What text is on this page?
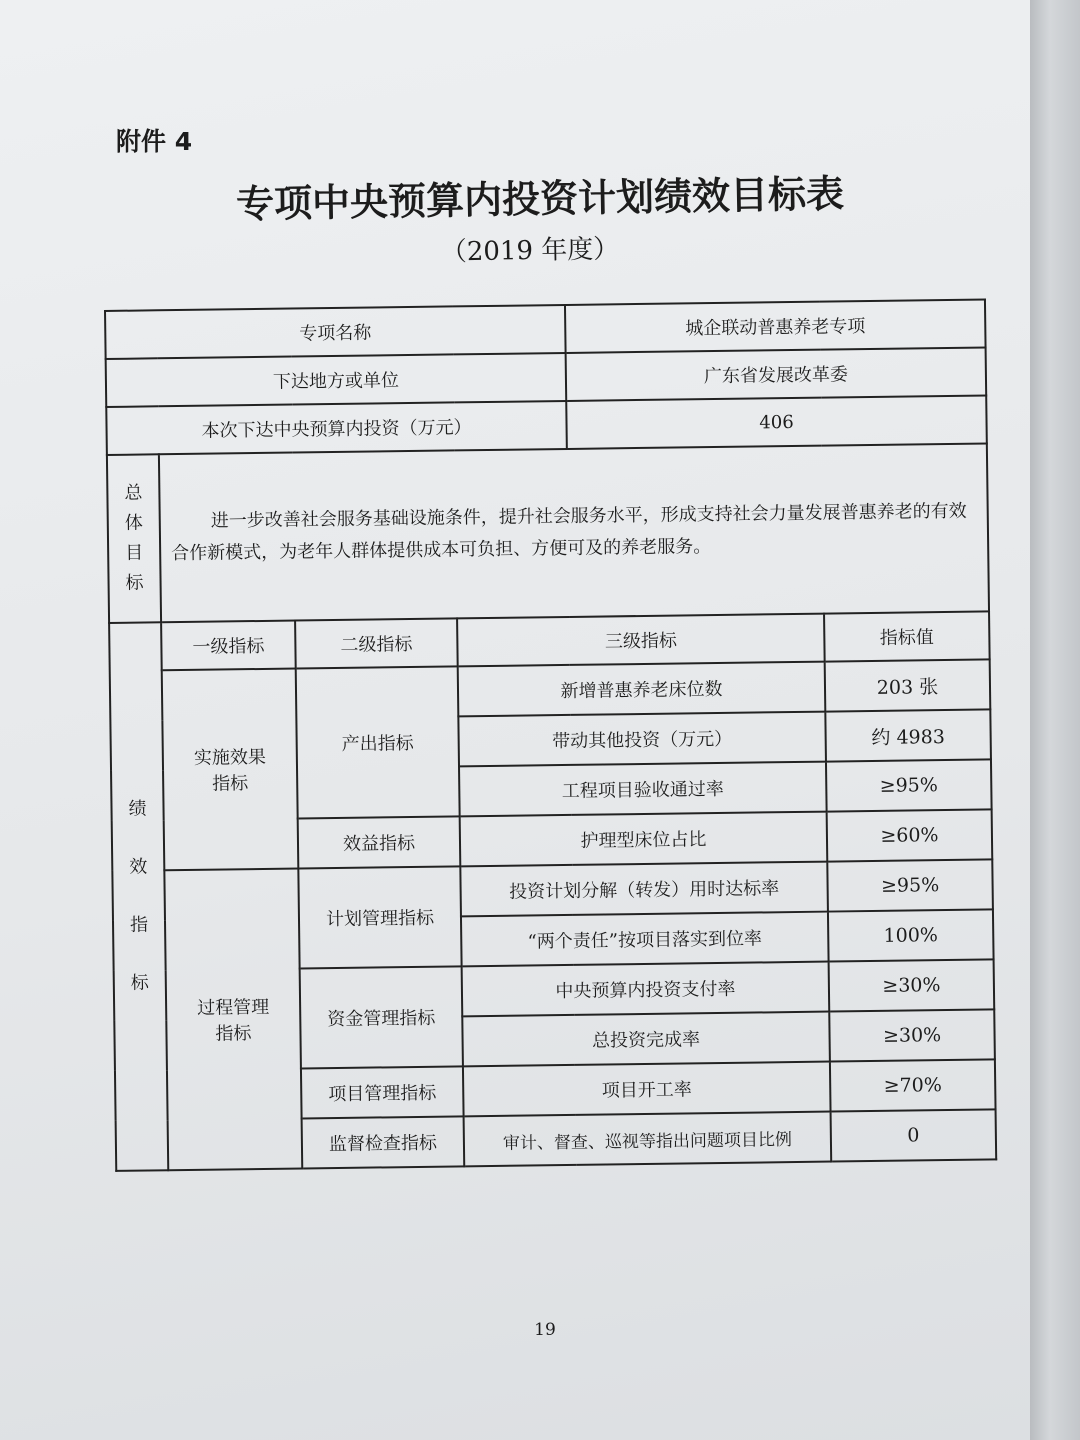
附件 4
专项中央预算内投资计划绩效目标表
（2019 年度）
专项名称				城企联动普惠养老专项	
下达地方或单位				广东省发展改革委	
本次下达中央预算内投资（万元）				406	

总
体
目
标	进一步改善社会服务基础设施条件，提升社会服务水平，形成支持社会力量发展普惠养老的有效合作新模式，为老年人群体提供成本可负担、方便可及的养老服务。				

绩
效
指
标	一级指标	二级指标	三级指标		指标值
	实施效果指标	产出指标	新增普惠养老床位数		203 张
			带动其他投资（万元）		约 4983
			工程项目验收通过率		≥95%
		效益指标	护理型床位占比		≥60%
	过程管理指标	计划管理指标	投资计划分解（转发）用时达标率		≥95%
			“两个责任”按项目落实到位率		100%
		资金管理指标	中央预算内投资支付率		≥30%
			总投资完成率		≥30%
		项目管理指标	项目开工率		≥70%
		监督检查指标	审计、督查、巡视等指出问题项目比例		0
19
